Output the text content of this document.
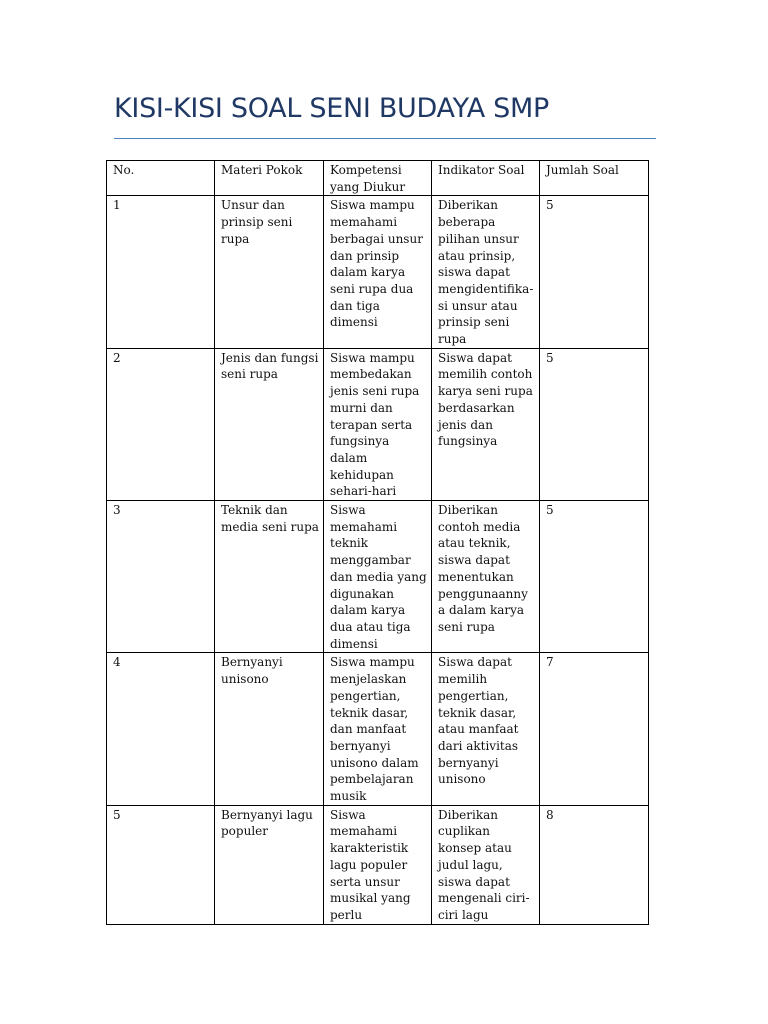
KISI-KISI SOAL SENI BUDAYA SMP
No.	Materi Pokok	Kompetensi yang Diukur	Indikator Soal	Jumlah Soal
1	Unsur dan prinsip seni rupa	Siswa mampu memahami berbagai unsur dan prinsip dalam karya seni rupa dua dan tiga dimensi	Diberikan beberapa pilihan unsur atau prinsip, siswa dapat mengidentifikasi unsur atau prinsip seni rupa	5
2	Jenis dan fungsi seni rupa	Siswa mampu membedakan jenis seni rupa murni dan terapan serta fungsinya dalam kehidupan sehari-hari	Siswa dapat memilih contoh karya seni rupa berdasarkan jenis dan fungsinya	5
3	Teknik dan media seni rupa	Siswa memahami teknik menggambar dan media yang digunakan dalam karya dua atau tiga dimensi	Diberikan contoh media atau teknik, siswa dapat menentukan penggunaannya dalam karya seni rupa	5
4	Bernyanyi unisono	Siswa mampu menjelaskan pengertian, teknik dasar, dan manfaat bernyanyi unisono dalam pembelajaran musik	Siswa dapat memilih pengertian, teknik dasar, atau manfaat dari aktivitas bernyanyi unisono	7
5	Bernyanyi lagu populer	Siswa memahami karakteristik lagu populer serta unsur musikal yang perlu	Diberikan cuplikan konsep atau judul lagu, siswa dapat mengenali ciri-ciri lagu	8
